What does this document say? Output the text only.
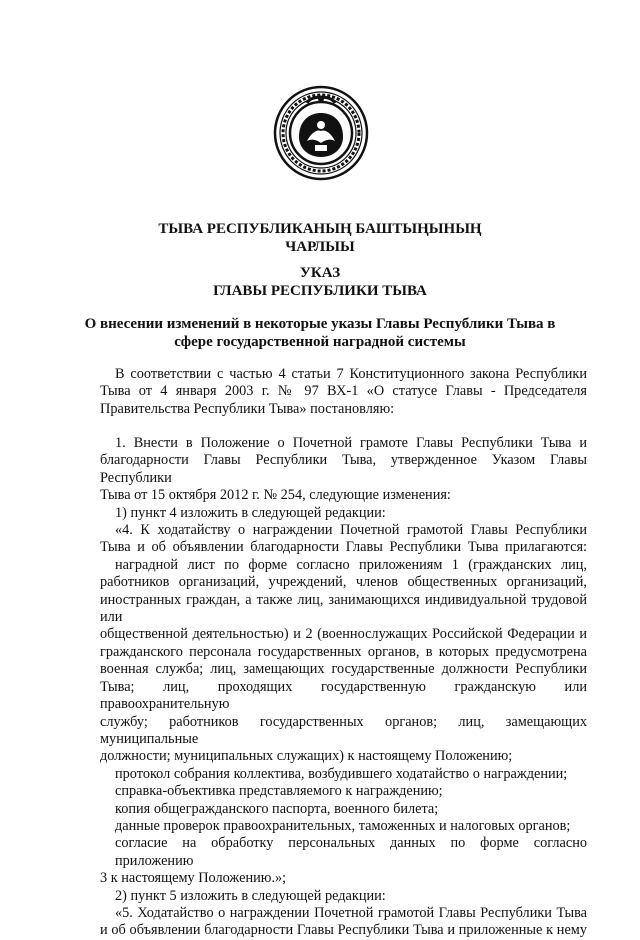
ТЫВА РЕСПУБЛИКАНЫҢ БАШТЫҢЫНЫҢ
ЧАРЛЫЫ
УКАЗ
ГЛАВЫ РЕСПУБЛИКИ ТЫВА
О внесении изменений в некоторые указы Главы Республики Тыва в
сфере государственной наградной системы

В соответствии с частью 4 статьи 7 Конституционного закона Республики

Тыва от 4 января 2003 г. № 97 ВХ-1 «О статусе Главы - Председателя

Правительства Республики Тыва» постановляю:

1. Внести в Положение о Почетной грамоте Главы Республики Тыва и

благодарности Главы Республики Тыва, утвержденное Указом Главы Республики

Тыва от 15 октября 2012 г. № 254, следующие изменения:

1) пункт 4 изложить в следующей редакции:

«4. К ходатайству о награждении Почетной грамотой Главы Республики

Тыва и об объявлении благодарности Главы Республики Тыва прилагаются:

наградной лист по форме согласно приложениям 1 (гражданских лиц,

работников организаций, учреждений, членов общественных организаций,

иностранных граждан, а также лиц, занимающихся индивидуальной трудовой или

общественной деятельностью) и 2 (военнослужащих Российской Федерации и

гражданского персонала государственных органов, в которых предусмотрена

военная служба; лиц, замещающих государственные должности Республики

Тыва; лиц, проходящих государственную гражданскую или правоохранительную

службу; работников государственных органов; лиц, замещающих муниципальные

должности; муниципальных служащих) к настоящему Положению;

протокол собрания коллектива, возбудившего ходатайство о награждении;

справка-объективка представляемого к награждению;

копия общегражданского паспорта, военного билета;

данные проверок правоохранительных, таможенных и налоговых органов;

согласие на обработку персональных данных по форме согласно приложению

3 к настоящему Положению.»;

2) пункт 5 изложить в следующей редакции:

«5. Ходатайство о награждении Почетной грамотой Главы Республики Тыва

и об объявлении благодарности Главы Республики Тыва и приложенные к нему
